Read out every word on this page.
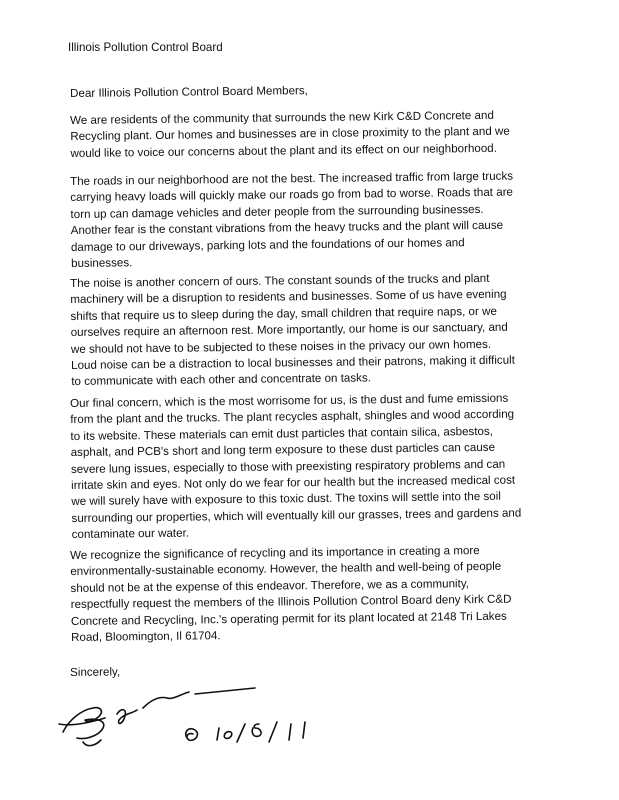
Illinois Pollution Control Board
Dear Illinois Pollution Control Board Members,
We are residents of the community that surrounds the new Kirk C&D Concrete and
Recycling plant. Our homes and businesses are in close proximity to the plant and we
would like to voice our concerns about the plant and its effect on our neighborhood.
The roads in our neighborhood are not the best. The increased traffic from large trucks
carrying heavy loads will quickly make our roads go from bad to worse. Roads that are
torn up can damage vehicles and deter people from the surrounding businesses.
Another fear is the constant vibrations from the heavy trucks and the plant will cause
damage to our driveways, parking lots and the foundations of our homes and
businesses.
The noise is another concern of ours. The constant sounds of the trucks and plant
machinery will be a disruption to residents and businesses. Some of us have evening
shifts that require us to sleep during the day, small children that require naps, or we
ourselves require an afternoon rest. More importantly, our home is our sanctuary, and
we should not have to be subjected to these noises in the privacy our own homes.
Loud noise can be a distraction to local businesses and their patrons, making it difficult
to communicate with each other and concentrate on tasks.
Our final concern, which is the most worrisome for us, is the dust and fume emissions
from the plant and the trucks. The plant recycles asphalt, shingles and wood according
to its website. These materials can emit dust particles that contain silica, asbestos,
asphalt, and PCB's short and long term exposure to these dust particles can cause
severe lung issues, especially to those with preexisting respiratory problems and can
irritate skin and eyes. Not only do we fear for our health but the increased medical cost
we will surely have with exposure to this toxic dust. The toxins will settle into the soil
surrounding our properties, which will eventually kill our grasses, trees and gardens and
contaminate our water.
We recognize the significance of recycling and its importance in creating a more
environmentally-sustainable economy. However, the health and well-being of people
should not be at the expense of this endeavor. Therefore, we as a community,
respectfully request the members of the Illinois Pollution Control Board deny Kirk C&D
Concrete and Recycling, Inc.'s operating permit for its plant located at 2148 Tri Lakes
Road, Bloomington, Il 61704.
Sincerely,
